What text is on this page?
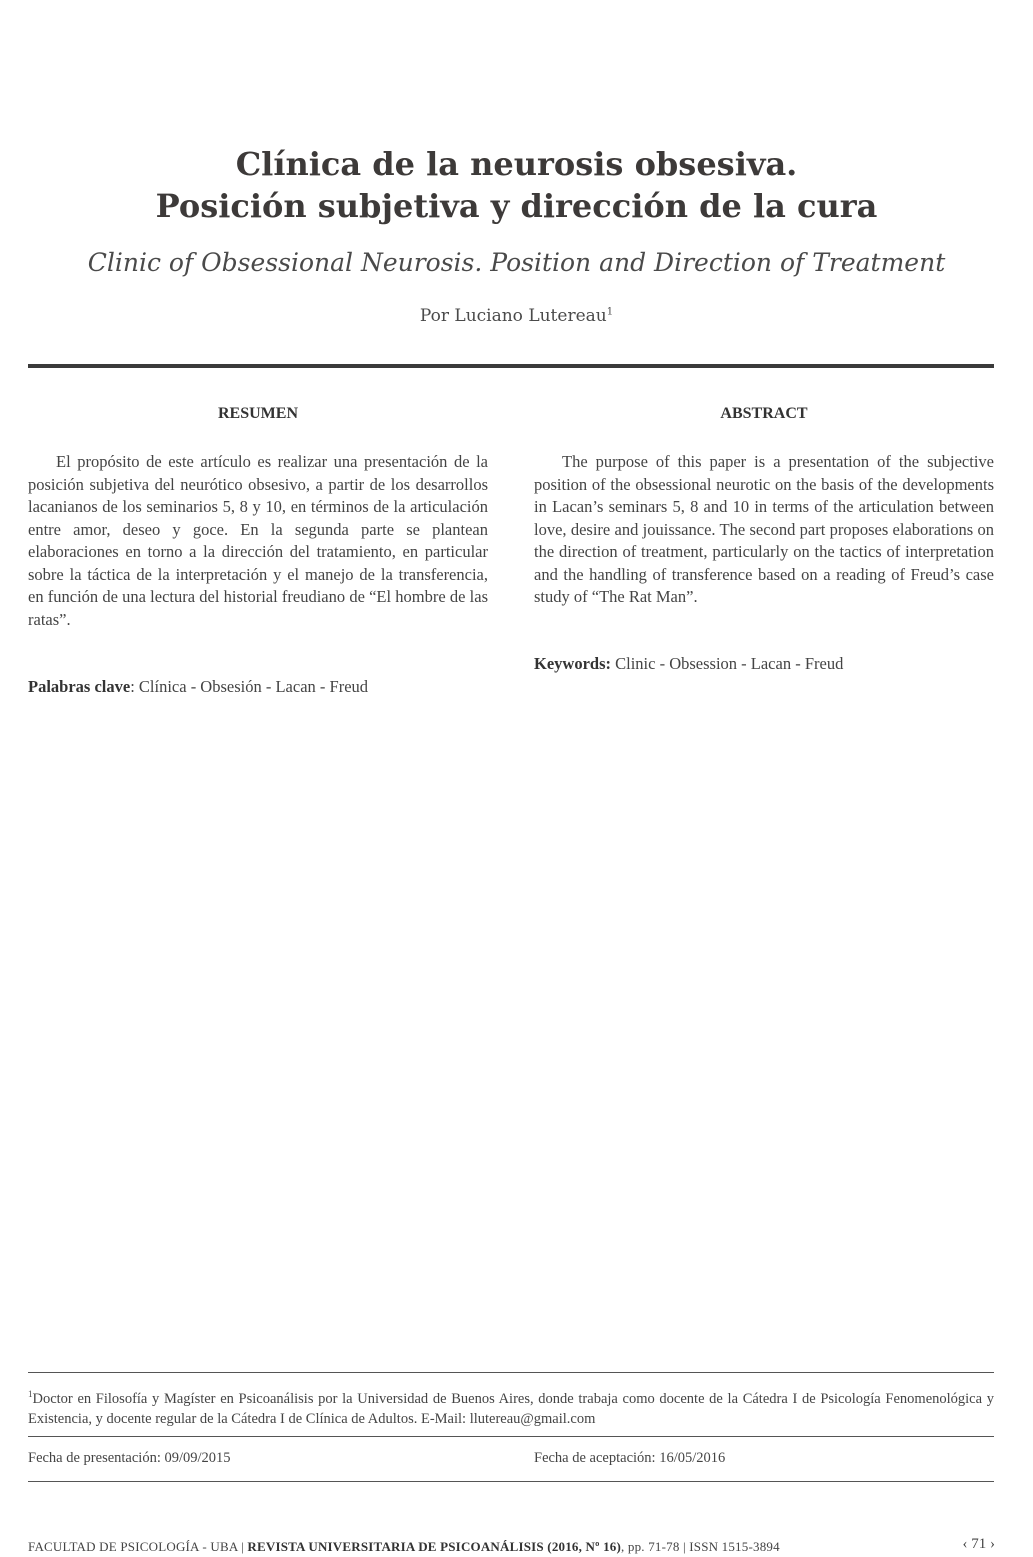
Clínica de la neurosis obsesiva.
Posición subjetiva y dirección de la cura
Clinic of Obsessional Neurosis. Position and Direction of Treatment
Por Luciano Lutereau$^1$
RESUMEN
El propósito de este artículo es realizar una presentación de la posición subjetiva del neurótico obsesivo, a partir de los desarrollos lacanianos de los seminarios 5, 8 y 10, en términos de la articulación entre amor, deseo y goce. En la segunda parte se plantean elaboraciones en torno a la dirección del tratamiento, en particular sobre la táctica de la interpretación y el manejo de la transferencia, en función de una lectura del historial freudiano de “El hombre de las ratas”.
Palabras clave: Clínica - Obsesión - Lacan - Freud
ABSTRACT
The purpose of this paper is a presentation of the subjective position of the obsessional neurotic on the basis of the developments in Lacan’s seminars 5, 8 and 10 in terms of the articulation between love, desire and jouissance. The second part proposes elaborations on the direction of treatment, particularly on the tactics of interpretation and the handling of transference based on a reading of Freud’s case study of “The Rat Man”.
Keywords: Clinic - Obsession - Lacan - Freud
$^1$Doctor en Filosofía y Magíster en Psicoanálisis por la Universidad de Buenos Aires, donde trabaja como docente de la Cátedra I de Psicología Fenomenológica y Existencia, y docente regular de la Cátedra I de Clínica de Adultos. E-Mail: llutereau@gmail.com
Fecha de presentación: 09/09/2015	Fecha de aceptación: 16/05/2016
FACULTAD DE PSICOLOGÍA - UBA | REVISTA UNIVERSITARIA DE PSICOANÁLISIS (2016, Nº 16), pp. 71-78 | ISSN 1515-3894	‹ 71 ›
